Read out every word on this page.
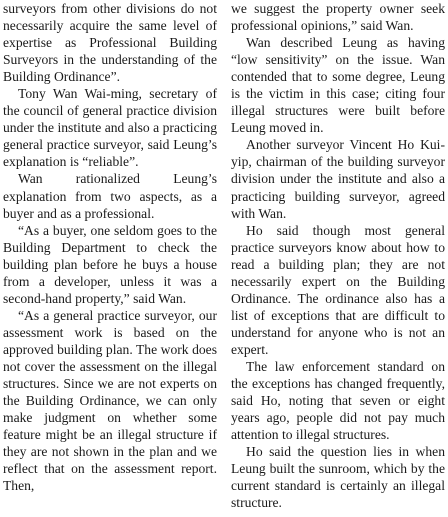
surveyors from other divisions do not necessarily acquire the same level of expertise as Professional Building Surveyors in the understanding of the Building Ordinance”.

Tony Wan Wai-ming, secretary of the council of general practice division under the institute and also a practicing general practice surveyor, said Leung’s explanation is “reliable”.

Wan rationalized Leung’s explanation from two aspects, as a buyer and as a professional.

“As a buyer, one seldom goes to the Building Department to check the building plan before he buys a house from a developer, unless it was a second-hand property,” said Wan.

“As a general practice surveyor, our assessment work is based on the approved building plan. The work does not cover the assessment on the illegal structures. Since we are not experts on the Building Ordinance, we can only make judgment on whether some feature might be an illegal structure if they are not shown in the plan and we reflect that on the assessment report. Then,

we suggest the property owner seek professional opinions,” said Wan.

Wan described Leung as having “low sensitivity” on the issue. Wan contended that to some degree, Leung is the victim in this case; citing four illegal structures were built before Leung moved in.

Another surveyor Vincent Ho Kui-yip, chairman of the building surveyor division under the institute and also a practicing building surveyor, agreed with Wan.

Ho said though most general practice surveyors know about how to read a building plan; they are not necessarily expert on the Building Ordinance. The ordinance also has a list of exceptions that are difficult to understand for anyone who is not an expert.

The law enforcement standard on the exceptions has changed frequently, said Ho, noting that seven or eight years ago, people did not pay much attention to illegal structures.

Ho said the question lies in when Leung built the sunroom, which by the current standard is certainly an illegal structure.
